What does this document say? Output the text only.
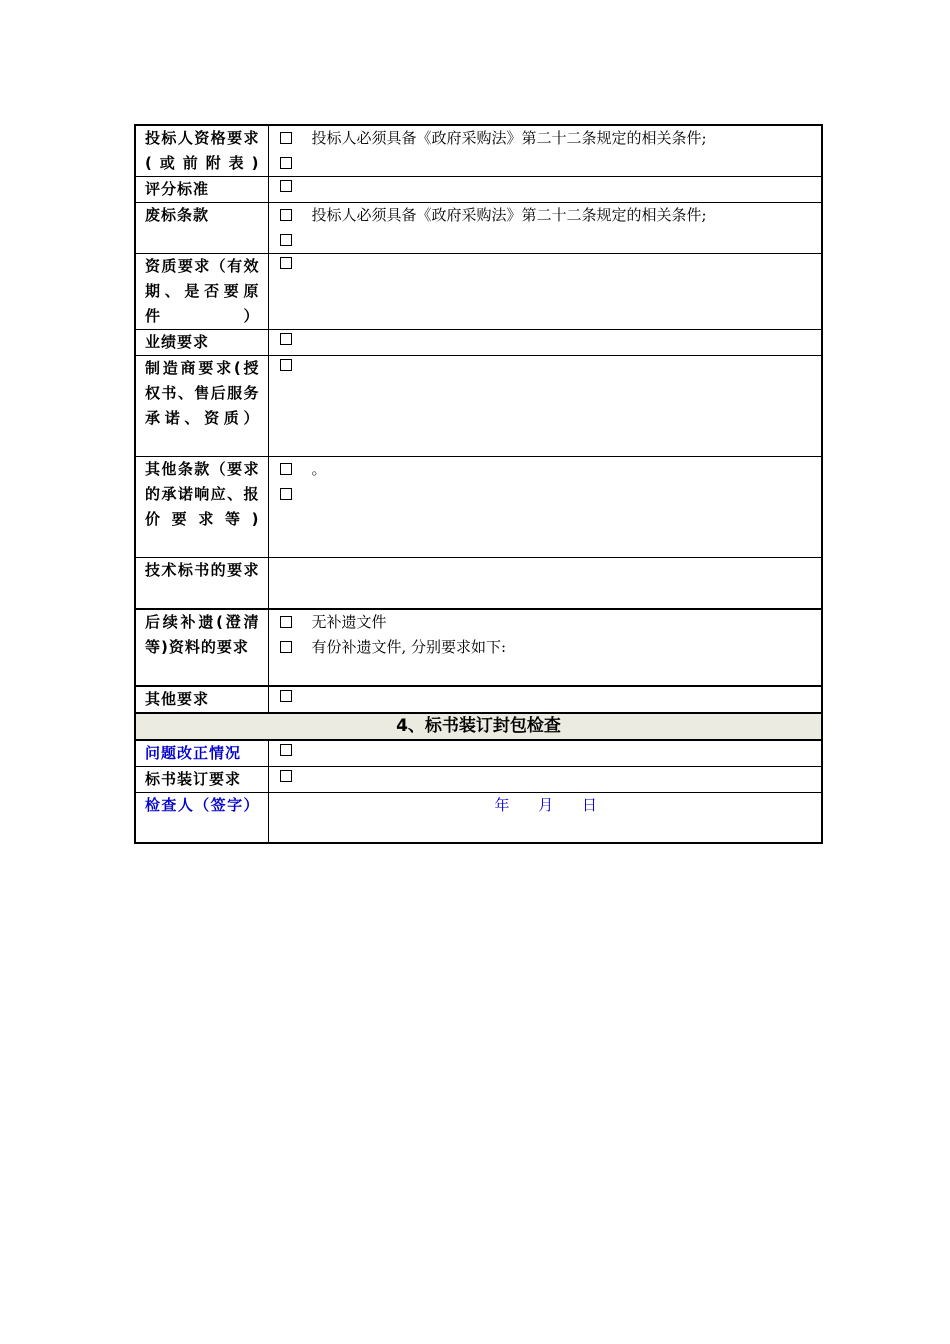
投标人资格要求(或前附表)	投标人必须具备《政府采购法》第二十二条规定的相关条件;

评分标准	

废标条款	投标人必须具备《政府采购法》第二十二条规定的相关条件;

资质要求（有效期、是否要原件）	

业绩要求	

制造商要求(授权书、售后服务承诺、资质）	

其他条款（要求的承诺响应、报价要求等)	。

技术标书的要求	
后续补遗(澄清等)资料的要求	无补遗文件
有份补遗文件, 分别要求如下:

其他要求	

4、标书装订封包检查	
问题改正情况	

标书装订要求	

检查人（签字）	年 月 日
